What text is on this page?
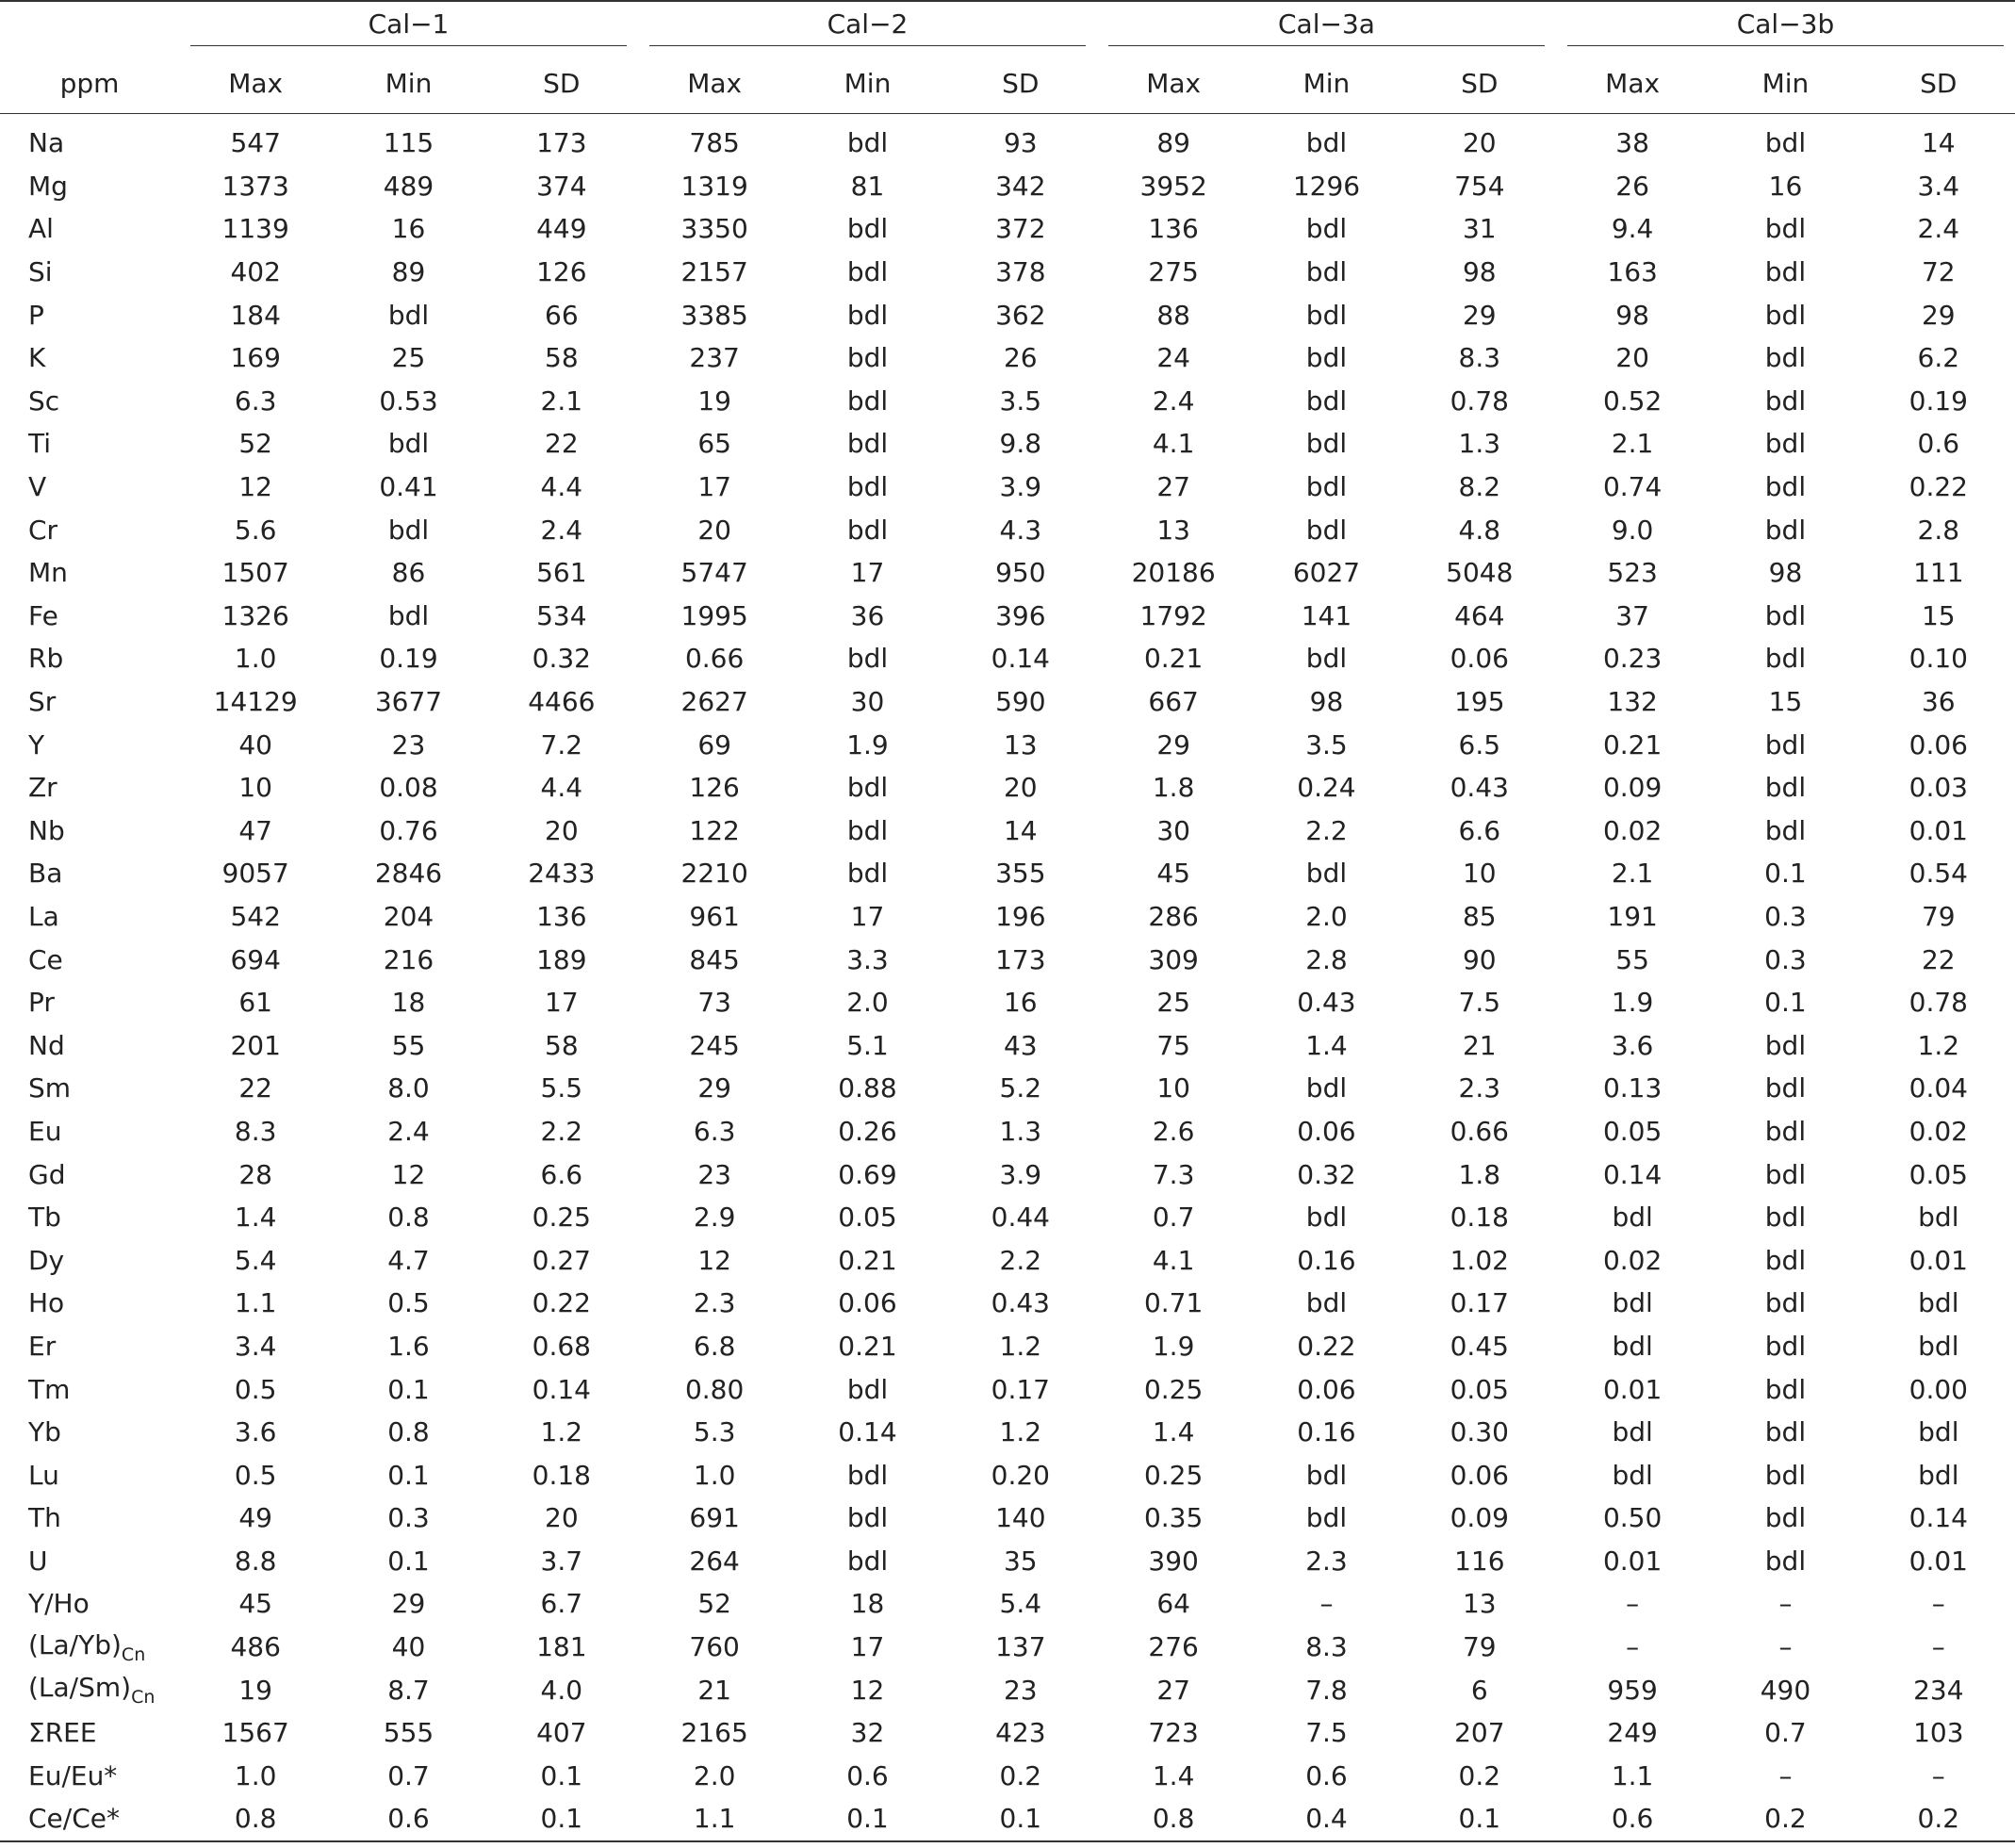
	Cal−1			Cal−2			Cal−3a			Cal−3b		

ppm	Max	Min	SD	Max	Min	SD	Max	Min	SD	Max	Min	SD
Na	547	115	173	785	bdl	93	89	bdl	20	38	bdl	14
Mg	1373	489	374	1319	81	342	3952	1296	754	26	16	3.4
Al	1139	16	449	3350	bdl	372	136	bdl	31	9.4	bdl	2.4
Si	402	89	126	2157	bdl	378	275	bdl	98	163	bdl	72
P	184	bdl	66	3385	bdl	362	88	bdl	29	98	bdl	29
K	169	25	58	237	bdl	26	24	bdl	8.3	20	bdl	6.2
Sc	6.3	0.53	2.1	19	bdl	3.5	2.4	bdl	0.78	0.52	bdl	0.19
Ti	52	bdl	22	65	bdl	9.8	4.1	bdl	1.3	2.1	bdl	0.6
V	12	0.41	4.4	17	bdl	3.9	27	bdl	8.2	0.74	bdl	0.22
Cr	5.6	bdl	2.4	20	bdl	4.3	13	bdl	4.8	9.0	bdl	2.8
Mn	1507	86	561	5747	17	950	20186	6027	5048	523	98	111
Fe	1326	bdl	534	1995	36	396	1792	141	464	37	bdl	15
Rb	1.0	0.19	0.32	0.66	bdl	0.14	0.21	bdl	0.06	0.23	bdl	0.10
Sr	14129	3677	4466	2627	30	590	667	98	195	132	15	36
Y	40	23	7.2	69	1.9	13	29	3.5	6.5	0.21	bdl	0.06
Zr	10	0.08	4.4	126	bdl	20	1.8	0.24	0.43	0.09	bdl	0.03
Nb	47	0.76	20	122	bdl	14	30	2.2	6.6	0.02	bdl	0.01
Ba	9057	2846	2433	2210	bdl	355	45	bdl	10	2.1	0.1	0.54
La	542	204	136	961	17	196	286	2.0	85	191	0.3	79
Ce	694	216	189	845	3.3	173	309	2.8	90	55	0.3	22
Pr	61	18	17	73	2.0	16	25	0.43	7.5	1.9	0.1	0.78
Nd	201	55	58	245	5.1	43	75	1.4	21	3.6	bdl	1.2
Sm	22	8.0	5.5	29	0.88	5.2	10	bdl	2.3	0.13	bdl	0.04
Eu	8.3	2.4	2.2	6.3	0.26	1.3	2.6	0.06	0.66	0.05	bdl	0.02
Gd	28	12	6.6	23	0.69	3.9	7.3	0.32	1.8	0.14	bdl	0.05
Tb	1.4	0.8	0.25	2.9	0.05	0.44	0.7	bdl	0.18	bdl	bdl	bdl
Dy	5.4	4.7	0.27	12	0.21	2.2	4.1	0.16	1.02	0.02	bdl	0.01
Ho	1.1	0.5	0.22	2.3	0.06	0.43	0.71	bdl	0.17	bdl	bdl	bdl
Er	3.4	1.6	0.68	6.8	0.21	1.2	1.9	0.22	0.45	bdl	bdl	bdl
Tm	0.5	0.1	0.14	0.80	bdl	0.17	0.25	0.06	0.05	0.01	bdl	0.00
Yb	3.6	0.8	1.2	5.3	0.14	1.2	1.4	0.16	0.30	bdl	bdl	bdl
Lu	0.5	0.1	0.18	1.0	bdl	0.20	0.25	bdl	0.06	bdl	bdl	bdl
Th	49	0.3	20	691	bdl	140	0.35	bdl	0.09	0.50	bdl	0.14
U	8.8	0.1	3.7	264	bdl	35	390	2.3	116	0.01	bdl	0.01
Y/Ho	45	29	6.7	52	18	5.4	64	–	13	–	–	–
$(La/Yb)_{Cn}$	486	40	181	760	17	137	276	8.3	79	–	–	–
$(La/Sm)_{Cn}$	19	8.7	4.0	21	12	23	27	7.8	6	959	490	234
ΣREE	1567	555	407	2165	32	423	723	7.5	207	249	0.7	103
Eu/Eu*	1.0	0.7	0.1	2.0	0.6	0.2	1.4	0.6	0.2	1.1	–	–
Ce/Ce*	0.8	0.6	0.1	1.1	0.1	0.1	0.8	0.4	0.1	0.6	0.2	0.2
